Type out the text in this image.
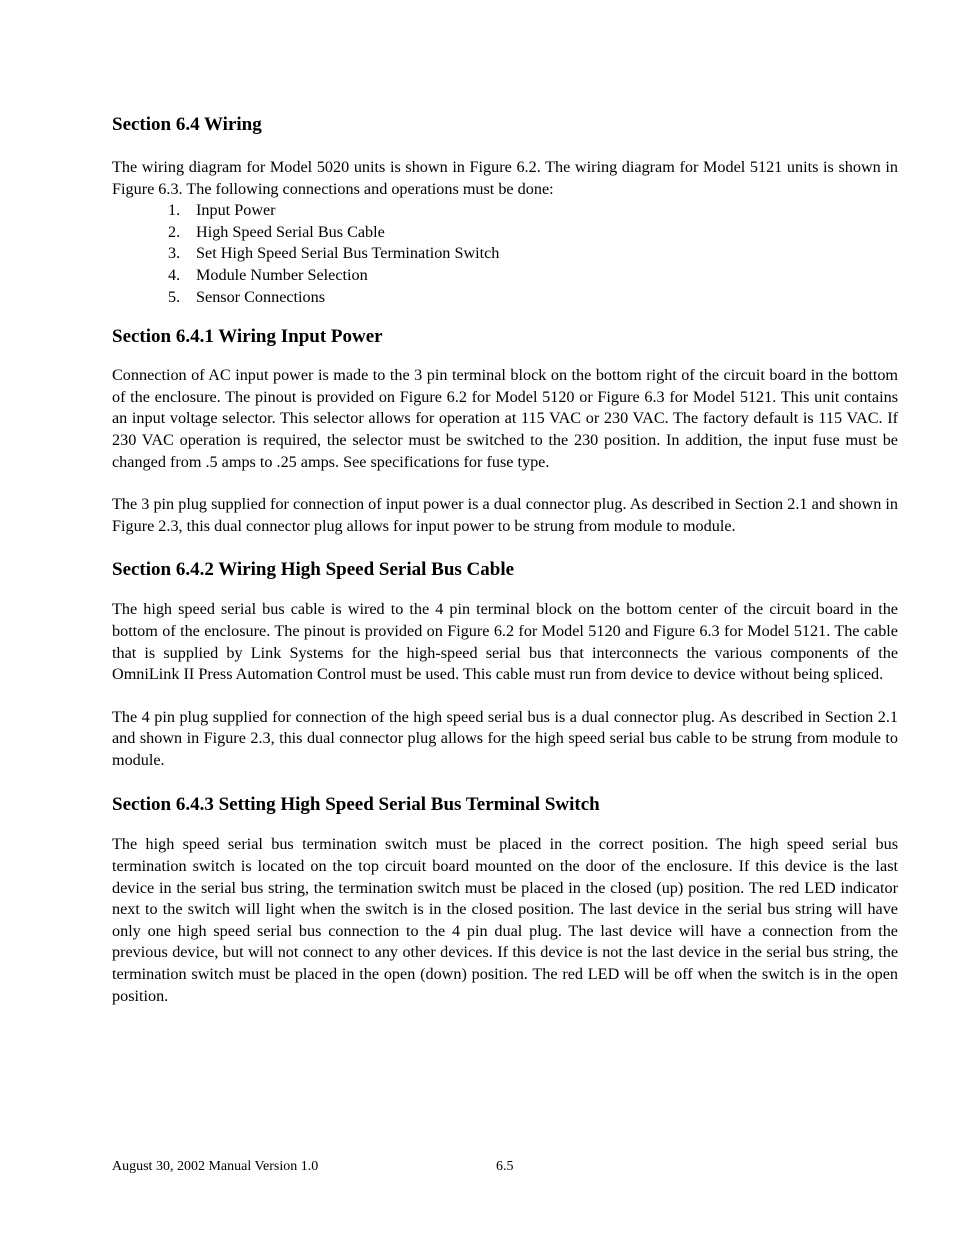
Section 6.4 Wiring

The wiring diagram for Model 5020 units is shown in Figure 6.2. The wiring diagram for Model 5121 units is shown in Figure 6.3. The following connections and operations must be done:

1. Input Power
2. High Speed Serial Bus Cable
3. Set High Speed Serial Bus Termination Switch
4. Module Number Selection
5. Sensor Connections
Section 6.4.1 Wiring Input Power

Connection of AC input power is made to the 3 pin terminal block on the bottom right of the circuit board in the bottom of the enclosure. The pinout is provided on Figure 6.2 for Model 5120 or Figure 6.3 for Model 5121. This unit contains an input voltage selector. This selector allows for operation at 115 VAC or 230 VAC. The factory default is 115 VAC. If 230 VAC operation is required, the selector must be switched to the 230 position. In addition, the input fuse must be changed from .5 amps to .25 amps. See specifications for fuse type.

The 3 pin plug supplied for connection of input power is a dual connector plug. As described in Section 2.1 and shown in Figure 2.3, this dual connector plug allows for input power to be strung from module to module.

Section 6.4.2 Wiring High Speed Serial Bus Cable

The high speed serial bus cable is wired to the 4 pin terminal block on the bottom center of the circuit board in the bottom of the enclosure. The pinout is provided on Figure 6.2 for Model 5120 and Figure 6.3 for Model 5121. The cable that is supplied by Link Systems for the high-speed serial bus that interconnects the various components of the OmniLink II Press Automation Control must be used. This cable must run from device to device without being spliced.

The 4 pin plug supplied for connection of the high speed serial bus is a dual connector plug. As described in Section 2.1 and shown in Figure 2.3, this dual connector plug allows for the high speed serial bus cable to be strung from module to module.

Section 6.4.3 Setting High Speed Serial Bus Terminal Switch

The high speed serial bus termination switch must be placed in the correct position. The high speed serial bus termination switch is located on the top circuit board mounted on the door of the enclosure. If this device is the last device in the serial bus string, the termination switch must be placed in the closed (up) position. The red LED indicator next to the switch will light when the switch is in the closed position. The last device in the serial bus string will have only one high speed serial bus connection to the 4 pin dual plug. The last device will have a connection from the previous device, but will not connect to any other devices. If this device is not the last device in the serial bus string, the termination switch must be placed in the open (down) position. The red LED will be off when the switch is in the open position.

August 30, 2002 Manual Version 1.0	6.5
